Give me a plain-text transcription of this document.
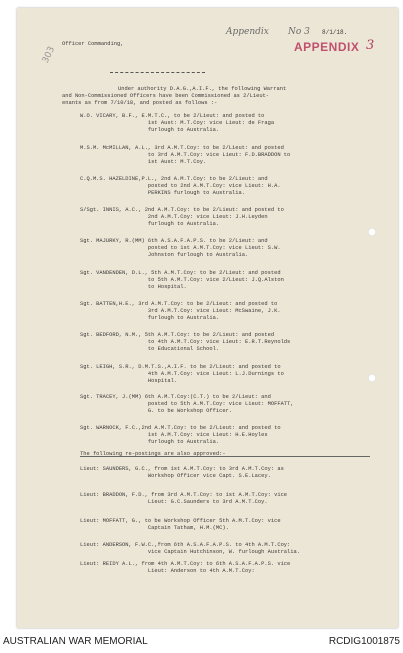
303
Officer Commanding,
Appendix No 3 8/1/18.
APPENDIX 3
Under authority D.A.G.,A.I.F., the following Warrant
and Non-Commissioned Officers have been Commissioned as 2/Lieut-
enants as from 7/10/18, and posted as follows :-
W.O. VICARY, B.F., E.M.T.C., to be 2/Lieut: and posted to
1st Aust: M.T.Coy: vice Lieut: de Fraga
furlough to Australia.
M.S.M. McMILLAN, A.L., 3rd A.M.T.Coy: to be 2/Lieut: and posted
to 3rd A.M.T.Coy: vice Lieut: F.D.BRADDON to
1st Aust: M.T.Coy.
C.Q.M.S. HAZELDINE,P.L., 2nd A.M.T.Coy: to be 2/Lieut: and
posted to 2nd A.M.T.Coy: vice Lieut: H.A.
PERKINS furlough to Australia.
S/Sgt. INNIS, A.C., 2nd A.M.T.Coy: to be 2/Lieut: and posted to
2nd A.M.T.Coy: vice Lieut: J.H.Leyden
furlough to Australia.
Sgt. MAJURKY, R.(MM) 6th A.S.A.F.A.P.S. to be 2/Lieut: and
posted to 1st A.M.T.Coy: vice Lieut: S.W.
Johnston furlough to Australia.
Sgt. VANDENDEN, D.L., 5th A.M.T.Coy: to be 2/Lieut: and posted
to 5th A.M.T.Coy: vice 2/Lieut: J.Q.Alston
to Hospital.
Sgt. BATTEN,H.E., 3rd A.M.T.Coy: to be 2/Lieut: and posted to
3rd A.M.T.Coy: vice Lieut: McSwaine, J.K.
furlough to Australia.
Sgt. BEDFORD, N.M., 5th A.M.T.Coy: to be 2/Lieut: and posted
to 4th A.M.T.Coy: vice Lieut: E.R.T.Reynolds
to Educational School.
Sgt. LEIGH, S.R., D.M.T.S.,A.I.F. to be 2/Lieut: and posted to
4th A.M.T.Coy: vice Lieut: L.J.Durnings to
Hospital.
Sgt. TRACEY, J.(MM) 6th A.M.T.Coy:(C.T.) to be 2/Lieut: and
posted to 5th A.M.T.Coy: vice Lieut: MOFFATT,
G. to be Workshop Officer.
Sgt. WARNOCK, F.C.,2nd A.M.T.Coy: to be 2/Lieut: and posted to
1st A.M.T.Coy: vice Lieut: H.E.Hoyles
furlough to Australia.
The following re-postings are also approved:-
Lieut: SAUNDERS, G.C., from 1st A.M.T.Coy: to 3rd A.M.T.Coy: as
Workshop Officer vice Capt. S.E.Lacey.
Lieut: BRADDON, F.D., from 3rd A.M.T.Coy: to 1st A.M.T.Coy: vice
Lieut: G.C.Saunders to 3rd A.M.T.Coy.
Lieut: MOFFATT, G., to be Workshop Officer 5th A.M.T.Coy: vice
Captain Tatham, H.M.(MC).
Lieut: ANDERSON, F.W.C.,from 6th A.S.A.F.A.P.S. to 4th A.M.T.Coy:
vice Captain Hutchinson, W. furlough Australia.
Lieut: REIDY A.L., from 4th A.M.T.Coy: to 6th A.S.A.F.A.P.S. vice
Lieut: Anderson to 4th A.M.T.Coy:
AUSTRALIAN WAR MEMORIAL	RCDIG1001875
